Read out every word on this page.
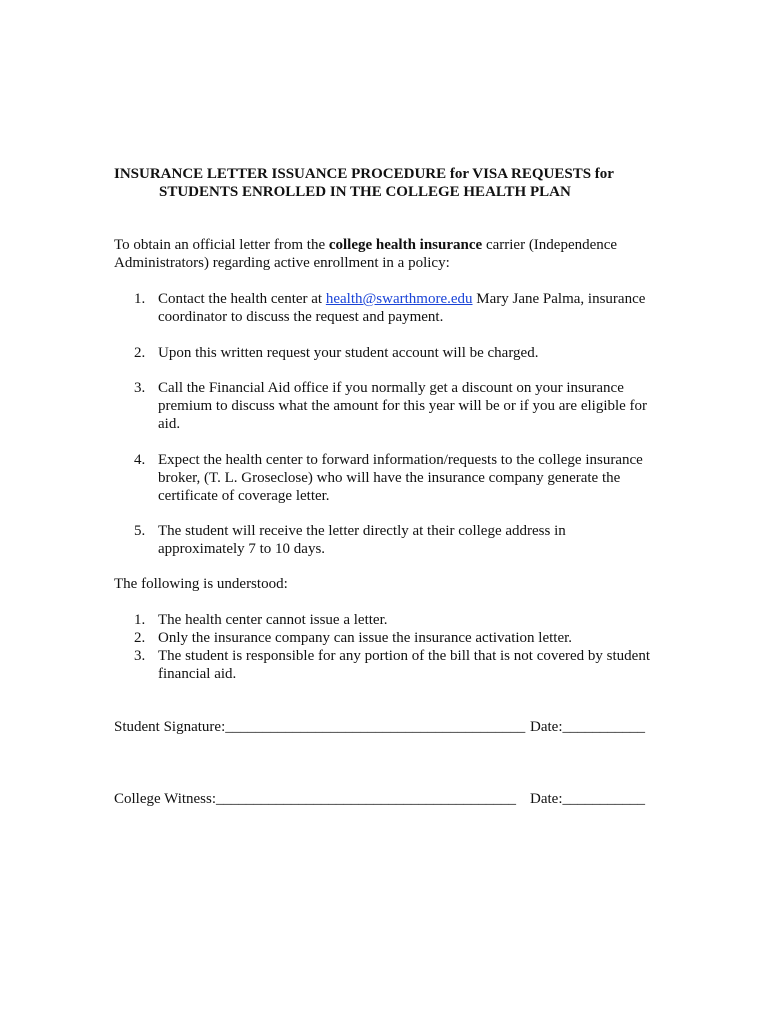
INSURANCE LETTER ISSUANCE PROCEDURE for VISA REQUESTS for
STUDENTS ENROLLED IN THE COLLEGE HEALTH PLAN
To obtain an official letter from the college health insurance carrier (Independence
Administrators) regarding active enrollment in a policy:
1. Contact the health center at health@swarthmore.edu Mary Jane Palma, insurance
coordinator to discuss the request and payment.
2. Upon this written request your student account will be charged.
3. Call the Financial Aid office if you normally get a discount on your insurance
premium to discuss what the amount for this year will be or if you are eligible for
aid.
4. Expect the health center to forward information/requests to the college insurance
broker, (T. L. Groseclose) who will have the insurance company generate the
certificate of coverage letter.
5. The student will receive the letter directly at their college address in
approximately 7 to 10 days.
The following is understood:
1. The health center cannot issue a letter.
2. Only the insurance company can issue the insurance activation letter.
3. The student is responsible for any portion of the bill that is not covered by student
financial aid.
Student Signature:________________________________________ Date:___________
College Witness:________________________________________ Date:___________
